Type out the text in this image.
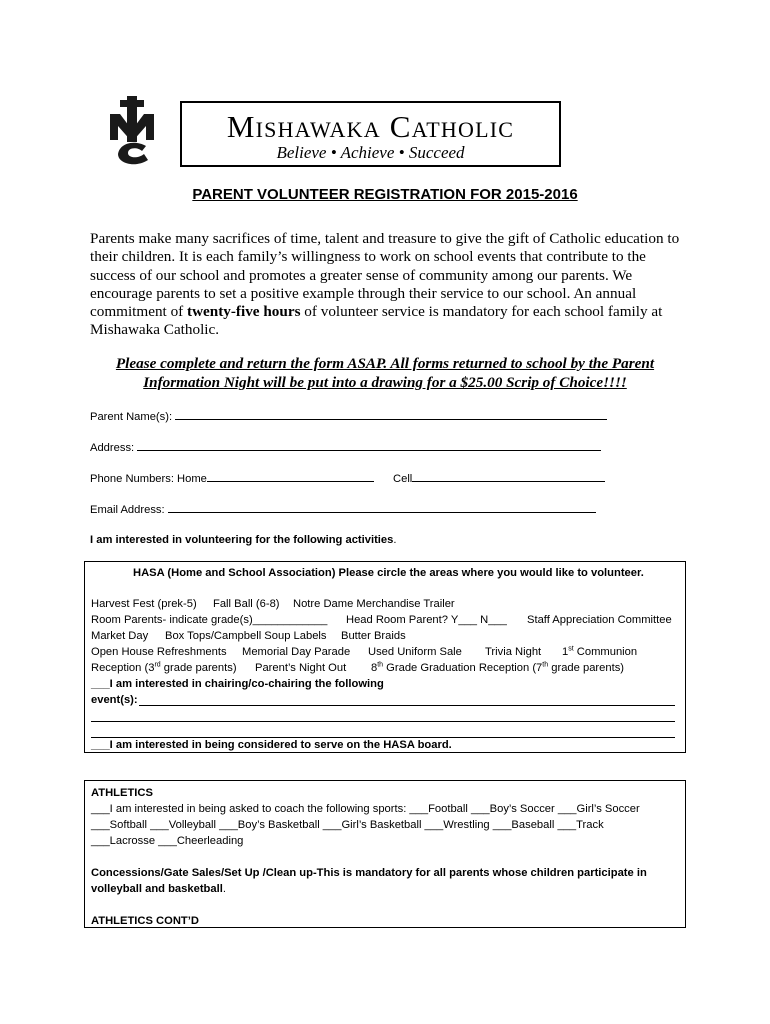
Mishawaka Catholic
Believe • Achieve • Succeed
PARENT VOLUNTEER REGISTRATION FOR 2015-2016
Parents make many sacrifices of time, talent and treasure to give the gift of Catholic education to their children. It is each family’s willingness to work on school events that contribute to the success of our school and promotes a greater sense of community among our parents. We encourage parents to set a positive example through their service to our school. An annual commitment of twenty-five hours of volunteer service is mandatory for each school family at Mishawaka Catholic.
Please complete and return the form ASAP. All forms returned to school by the Parent Information Night will be put into a drawing for a $25.00 Scrip of Choice!!!!
Parent Name(s):
Address:
Phone Numbers: Home	Cell
Email Address:
I am interested in volunteering for the following activities.
HASA (Home and School Association) Please circle the areas where you would like to volunteer.
Harvest Fest (prek-5) Fall Ball (6-8) Notre Dame Merchandise Trailer
Room Parents- indicate grade(s)____________ Head Room Parent? Y___ N___ Staff Appreciation Committee
Market Day Box Tops/Campbell Soup Labels Butter Braids
Open House Refreshments Memorial Day Parade Used Uniform Sale Trivia Night 1st Communion
Reception (3rd grade parents) Parent’s Night Out 8th Grade Graduation Reception (7th grade parents)
___I am interested in chairing/co-chairing the following
event(s):
___I am interested in being considered to serve on the HASA board.
ATHLETICS
___I am interested in being asked to coach the following sports: ___Football ___Boy’s Soccer ___Girl’s Soccer
___Softball ___Volleyball ___Boy’s Basketball ___Girl’s Basketball ___Wrestling ___Baseball ___Track
___Lacrosse ___Cheerleading
Concessions/Gate Sales/Set Up /Clean up-This is mandatory for all parents whose children participate in
volleyball and basketball.
ATHLETICS CONT’D
